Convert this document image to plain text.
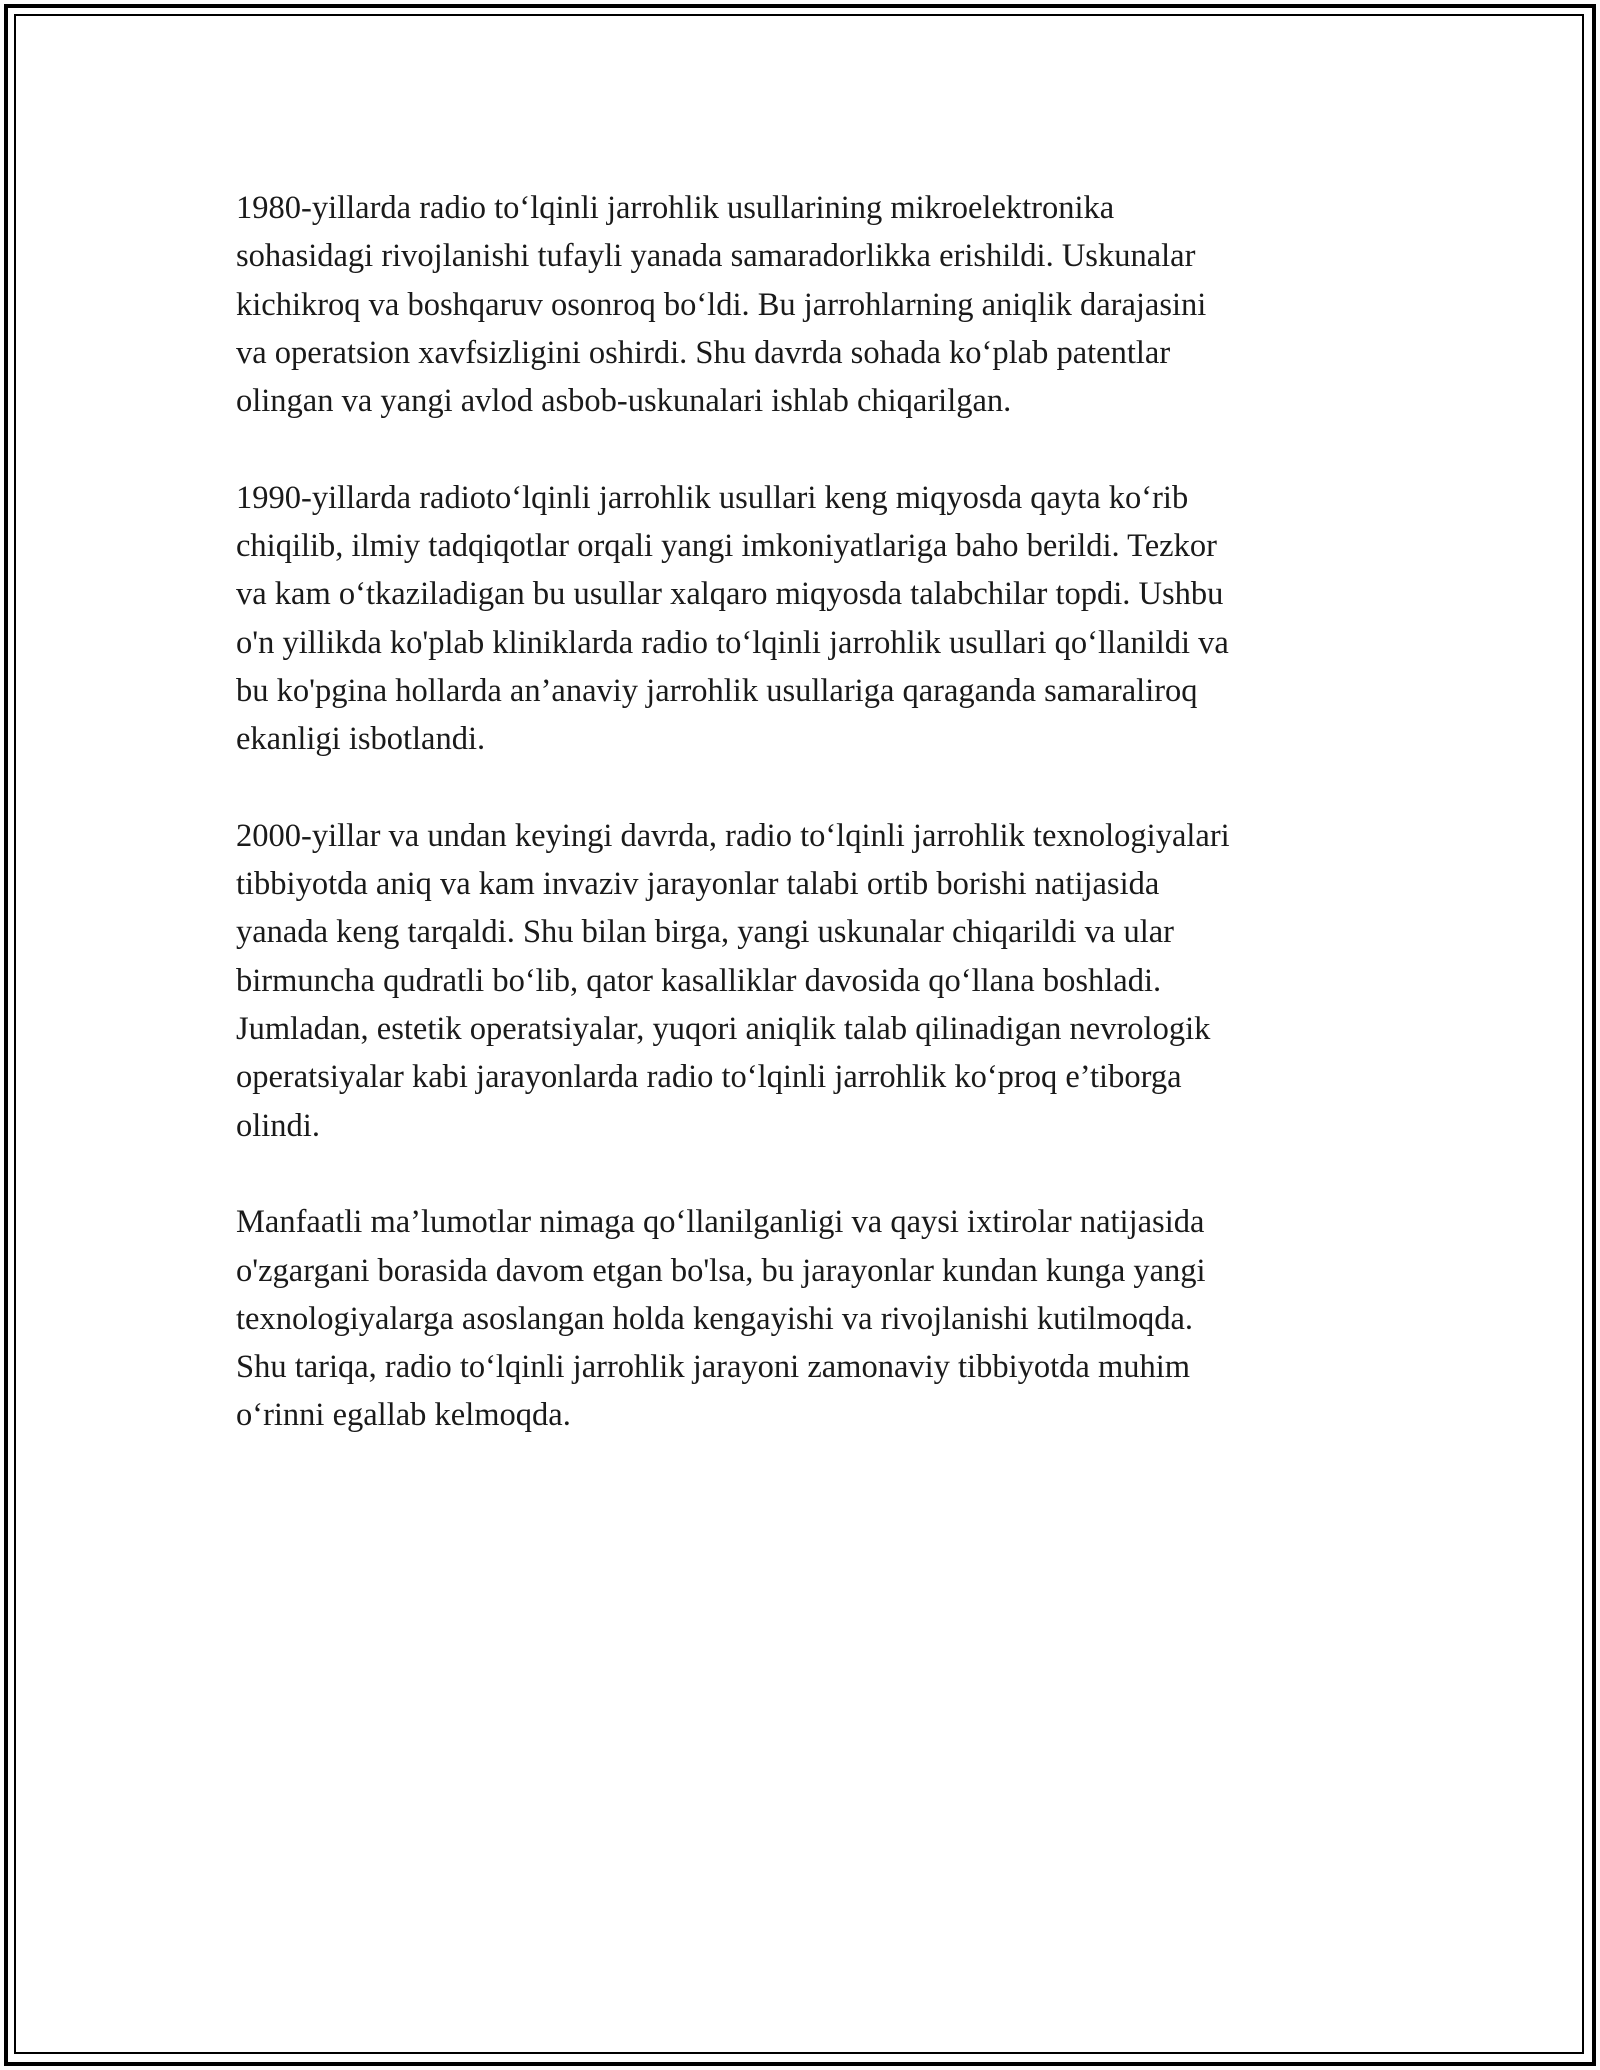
1980-yillarda radio to‘lqinli jarrohlik usullarining mikroelektronika
sohasidagi rivojlanishi tufayli yanada samaradorlikka erishildi. Uskunalar
kichikroq va boshqaruv osonroq bo‘ldi. Bu jarrohlarning aniqlik darajasini
va operatsion xavfsizligini oshirdi. Shu davrda sohada ko‘plab patentlar
olingan va yangi avlod asbob-uskunalari ishlab chiqarilgan.

1990-yillarda radioto‘lqinli jarrohlik usullari keng miqyosda qayta ko‘rib
chiqilib, ilmiy tadqiqotlar orqali yangi imkoniyatlariga baho berildi. Tezkor
va kam o‘tkaziladigan bu usullar xalqaro miqyosda talabchilar topdi. Ushbu
o'n yillikda ko'plab kliniklarda radio to‘lqinli jarrohlik usullari qo‘llanildi va
bu ko'pgina hollarda an’anaviy jarrohlik usullariga qaraganda samaraliroq
ekanligi isbotlandi.

2000-yillar va undan keyingi davrda, radio to‘lqinli jarrohlik texnologiyalari
tibbiyotda aniq va kam invaziv jarayonlar talabi ortib borishi natijasida
yanada keng tarqaldi. Shu bilan birga, yangi uskunalar chiqarildi va ular
birmuncha qudratli bo‘lib, qator kasalliklar davosida qo‘llana boshladi.
Jumladan, estetik operatsiyalar, yuqori aniqlik talab qilinadigan nevrologik
operatsiyalar kabi jarayonlarda radio to‘lqinli jarrohlik ko‘proq e’tiborga
olindi.

Manfaatli ma’lumotlar nimaga qo‘llanilganligi va qaysi ixtirolar natijasida
o'zgargani borasida davom etgan bo'lsa, bu jarayonlar kundan kunga yangi
texnologiyalarga asoslangan holda kengayishi va rivojlanishi kutilmoqda.
Shu tariqa, radio to‘lqinli jarrohlik jarayoni zamonaviy tibbiyotda muhim
o‘rinni egallab kelmoqda.
